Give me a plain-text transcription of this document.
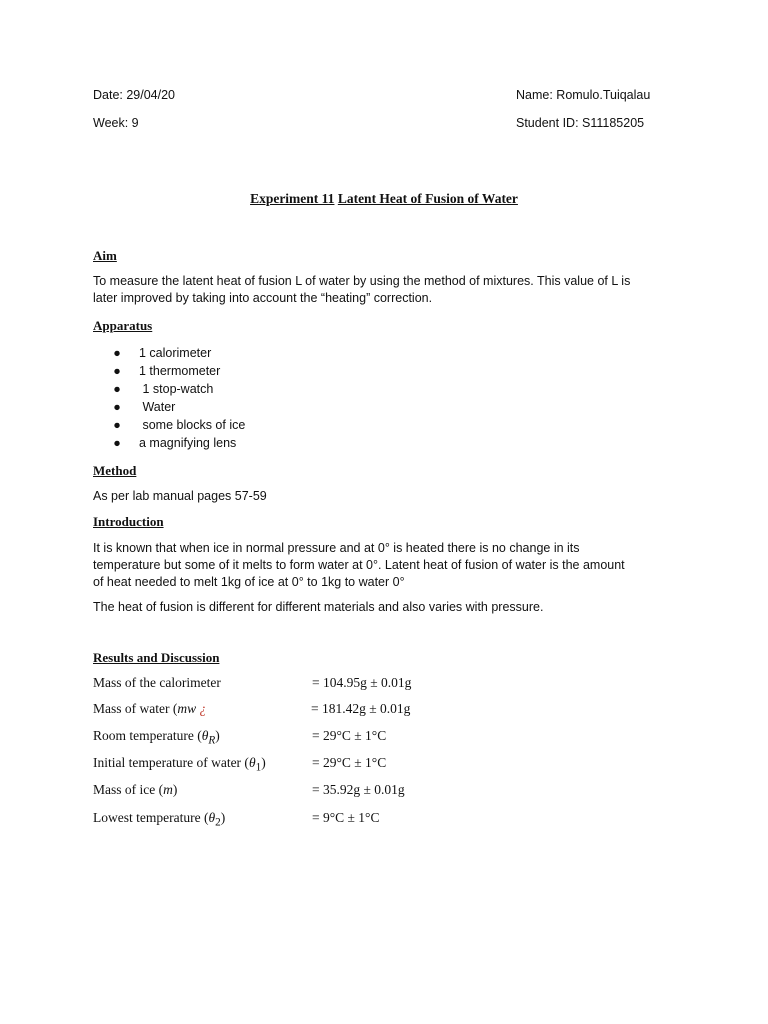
Date: 29/04/20
Week: 9
Name: Romulo.Tuiqalau
Student ID: S11185205
Experiment 11 Latent Heat of Fusion of Water
Aim

To measure the latent heat of fusion L of water by using the method of mixtures. This value of L is

later improved by taking into account the “heating” correction.

Apparatus
● 1 calorimeter
● 1 thermometer
● 1 stop-watch
● Water
● some blocks of ice
● a magnifying lens
Method
As per lab manual pages 57-59
Introduction

It is known that when ice in normal pressure and at 0° is heated there is no change in its

temperature but some of it melts to form water at 0°. Latent heat of fusion of water is the amount

of heat needed to melt 1kg of ice at 0° to 1kg to water 0°

The heat of fusion is different for different materials and also varies with pressure.
Results and Discussion
Mass of the calorimeter	= 104.95g ± 0.01g
Mass of water (mw ¿	= 181.42g ± 0.01g
Room temperature $(\theta_R)$	= 29°C ± 1°C
Initial temperature of water $(\theta_1)$	= 29°C ± 1°C
Mass of ice (m)	= 35.92g ± 0.01g
Lowest temperature $(\theta_2)$	= 9°C ± 1°C
